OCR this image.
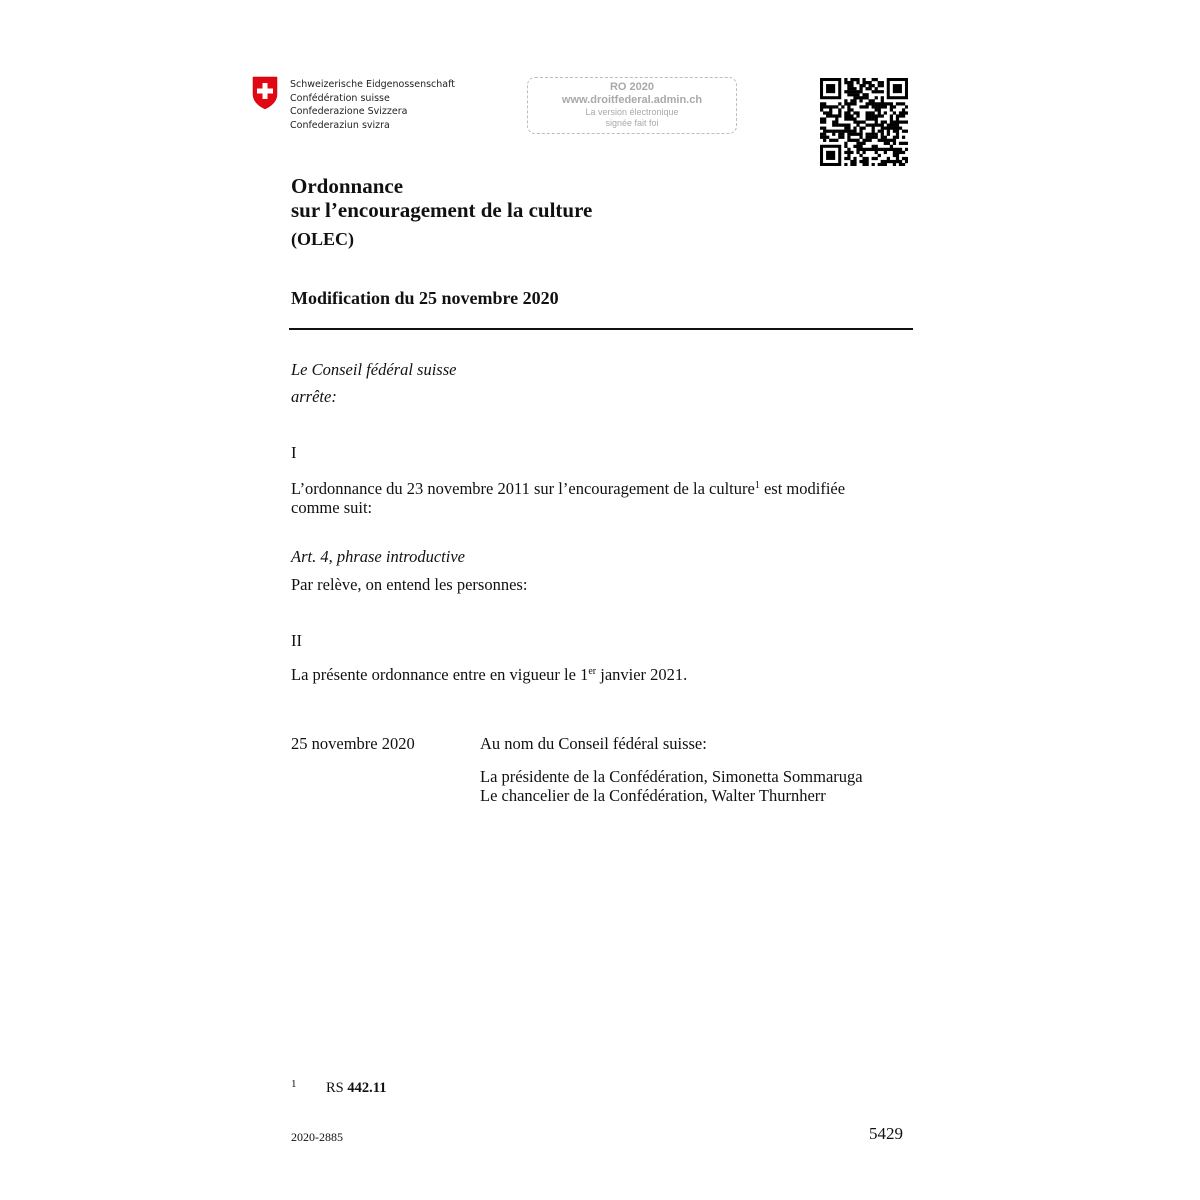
Schweizerische Eidgenossenschaft
Confédération suisse
Confederazione Svizzera
Confederaziun svizra
RO 2020
www.droitfederal.admin.ch
La version électronique
signée fait foi
Ordonnance
sur l’encouragement de la culture
(OLEC)
Modification du 25 novembre 2020
Le Conseil fédéral suisse
arrête:
I
L’ordonnance du 23 novembre 2011 sur l’encouragement de la culture$^1$ est modifiée
comme suit:
Art. 4, phrase introductive
Par relève, on entend les personnes:
II
La présente ordonnance entre en vigueur le 1er janvier 2021.
25 novembre 2020	Au nom du Conseil fédéral suisse:
La présidente de la Confédération, Simonetta Sommaruga
Le chancelier de la Confédération, Walter Thurnherr
1 RS 442.11
2020-2885	5429
